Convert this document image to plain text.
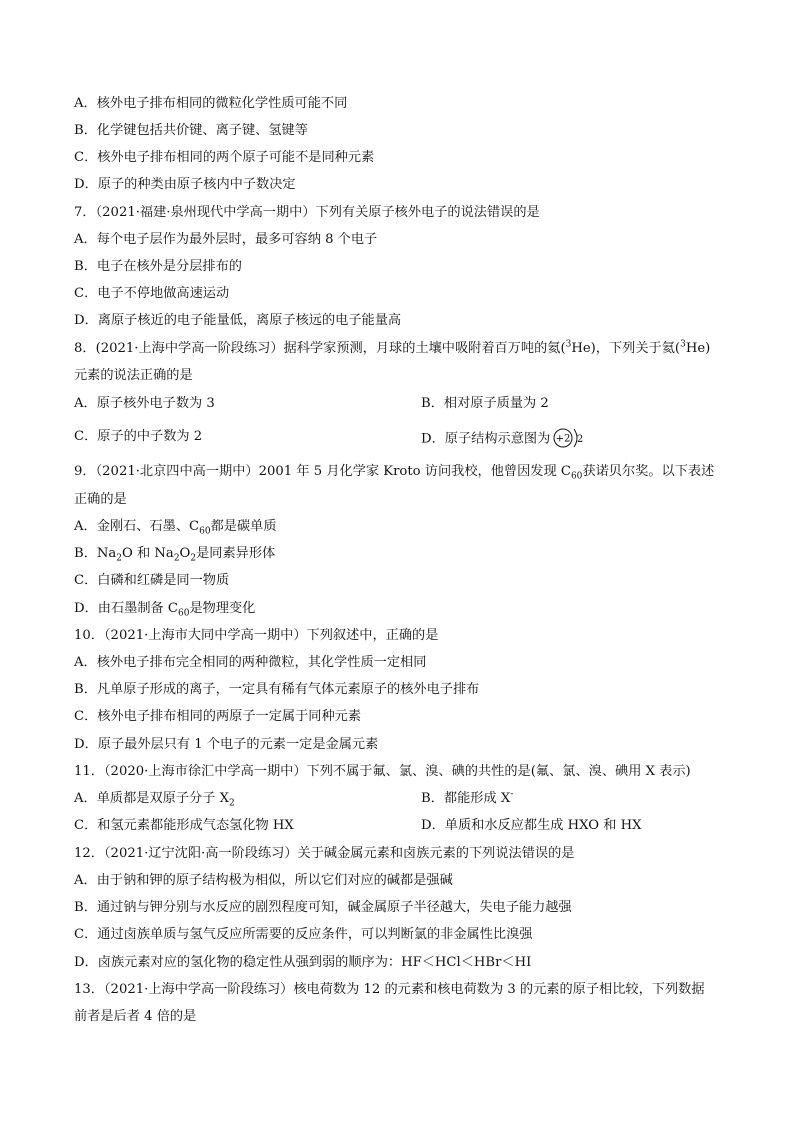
A．核外电子排布相同的微粒化学性质可能不同
B．化学键包括共价键、离子键、氢键等
C．核外电子排布相同的两个原子可能不是同种元素
D．原子的种类由原子核内中子数决定
7．（2021·福建·泉州现代中学高一期中）下列有关原子核外电子的说法错误的是
A．每个电子层作为最外层时，最多可容纳 8 个电子
B．电子在核外是分层排布的
C．电子不停地做高速运动
D．离原子核近的电子能量低，离原子核远的电子能量高
8．(2021·上海中学高一阶段练习）据科学家预测，月球的土壤中吸附着百万吨的氦($^3$He)，下列关于氦($^3$He)
元素的说法正确的是
A．原子核外电子数为 3	B．相对原子质量为 2
C．原子的中子数为 2	D．原子结构示意图为 +2 2
9．（2021·北京四中高一期中）2001 年 5 月化学家 Kroto 访问我校，他曾因发现 $C_{60}$获诺贝尔奖。以下表述
正确的是
A．金刚石、石墨、$C_{60}$都是碳单质
B．$Na_2O$ 和 $Na_2O_2$是同素异形体
C．白磷和红磷是同一物质
D．由石墨制备 $C_{60}$是物理变化
10．（2021·上海市大同中学高一期中）下列叙述中，正确的是
A．核外电子排布完全相同的两种微粒，其化学性质一定相同
B．凡单原子形成的离子，一定具有稀有气体元素原子的核外电子排布
C．核外电子排布相同的两原子一定属于同种元素
D．原子最外层只有 1 个电子的元素一定是金属元素
11．（2020·上海市徐汇中学高一期中）下列不属于氟、氯、溴、碘的共性的是(氟、氯、溴、碘用 X 表示)
A．单质都是双原子分子 $X_2$	B．都能形成 X-
C．和氢元素都能形成气态氢化物 HX	D．单质和水反应都生成 HXO 和 HX
12．（2021·辽宁沈阳·高一阶段练习）关于碱金属元素和卤族元素的下列说法错误的是
A．由于钠和钾的原子结构极为相似，所以它们对应的碱都是强碱
B．通过钠与钾分别与水反应的剧烈程度可知，碱金属原子半径越大，失电子能力越强
C．通过卤族单质与氢气反应所需要的反应条件，可以判断氯的非金属性比溴强
D．卤族元素对应的氢化物的稳定性从强到弱的顺序为：HF＜HCl＜HBr＜HI
13．（2021·上海中学高一阶段练习）核电荷数为 12 的元素和核电荷数为 3 的元素的原子相比较，下列数据
前者是后者 4 倍的是
